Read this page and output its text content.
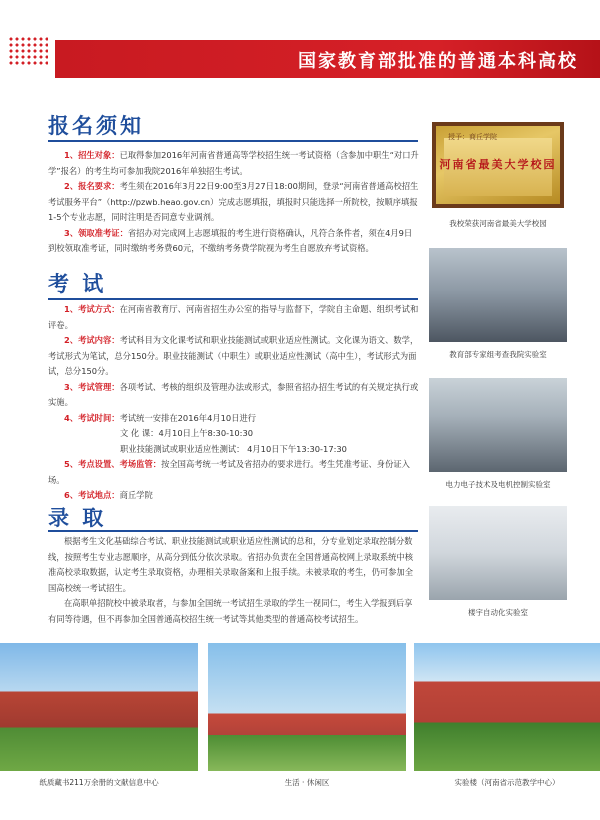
国家教育部批准的普通本科高校
报名须知

1、招生对象：已取得参加2016年河南省普通高等学校招生统一考试资格（含参加中职生“对口升学”报名）的考生均可参加我院2016年单独招生考试。

2、报名要求：考生须在2016年3月22日9:00至3月27日18:00期间，登录“河南省普通高校招生考试服务平台”（http://pzwb.heao.gov.cn）完成志愿填报，填报时只能选择一所院校，按顺序填报1-5个专业志愿，同时注明是否同意专业调剂。

3、领取准考证：省招办对完成网上志愿填报的考生进行资格确认，凡符合条件者，须在4月9日到校领取准考证，同时缴纳考务费60元，不缴纳考务费学院视为考生自愿放弃考试资格。

考 试

1、考试方式：在河南省教育厅、河南省招生办公室的指导与监督下，学院自主命题、组织考试和评卷。

2、考试内容：考试科目为文化课考试和职业技能测试或职业适应性测试。文化课为语文、数学，考试形式为笔试，总分150分。职业技能测试（中职生）或职业适应性测试（高中生），考试形式为面试，总分150分。

3、考试管理：各项考试、考核的组织及管理办法或形式，参照省招办招生考试的有关规定执行或实施。

4、考试时间：考试统一安排在2016年4月10日进行

文 化 课：4月10日上午8:30-10:30

职业技能测试或职业适应性测试： 4月10日下午13:30-17:30

5、考点设置、考场监管：按全国高考统一考试及省招办的要求进行。考生凭准考证、身份证入场。

6、考试地点：商丘学院

录 取

根据考生文化基础综合考试、职业技能测试或职业适应性测试的总和，分专业划定录取控制分数线，按照考生专业志愿顺序，从高分到低分依次录取。省招办负责在全国普通高校网上录取系统中核准高校录取数据，认定考生录取资格，办理相关录取备案和上报手续。未被录取的考生，仍可参加全国高校统一考试招生。

在高职单招院校中被录取者，与参加全国统一考试招生录取的学生一视同仁，考生入学报到后享有同等待遇，但不再参加全国普通高校招生统一考试等其他类型的普通高校考试招生。

授予：商丘学院
河南省最美大学校园
我校荣获河南省最美大学校园
教育部专家组考查我院实验室
电力电子技术及电机控制实验室
楼宇自动化实验室
纸质藏书211万余册的文献信息中心	生活 · 休闲区	实验楼（河南省示范教学中心）
